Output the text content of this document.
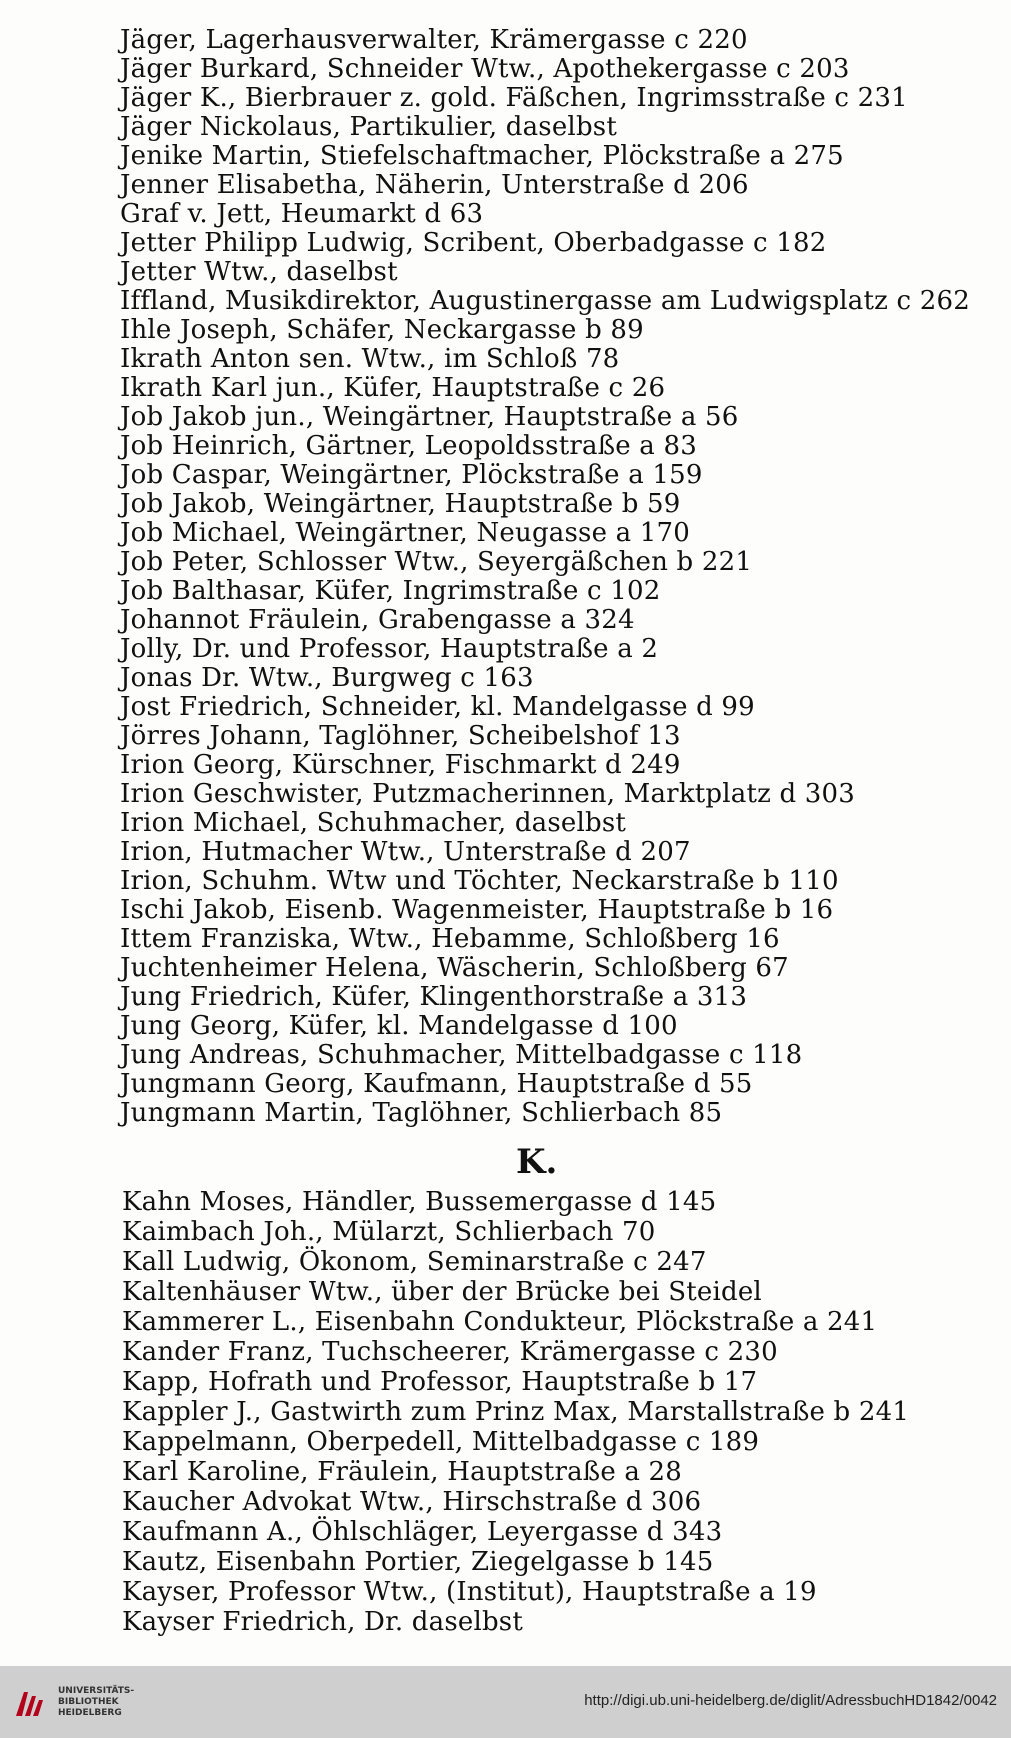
Jäger, Lagerhausverwalter, Krämergasse c 220
Jäger Burkard, Schneider Wtw., Apothekergasse c 203
Jäger K., Bierbrauer z. gold. Fäßchen, Ingrimsstraße c 231
Jäger Nickolaus, Partikulier, daselbst
Jenike Martin, Stiefelschaftmacher, Plöckstraße a 275
Jenner Elisabetha, Näherin, Unterstraße d 206
Graf v. Jett, Heumarkt d 63
Jetter Philipp Ludwig, Scribent, Oberbadgasse c 182
Jetter Wtw., daselbst
Iffland, Musikdirektor, Augustinergasse am Ludwigsplatz c 262
Ihle Joseph, Schäfer, Neckargasse b 89
Ikrath Anton sen. Wtw., im Schloß 78
Ikrath Karl jun., Küfer, Hauptstraße c 26
Job Jakob jun., Weingärtner, Hauptstraße a 56
Job Heinrich, Gärtner, Leopoldsstraße a 83
Job Caspar, Weingärtner, Plöckstraße a 159
Job Jakob, Weingärtner, Hauptstraße b 59
Job Michael, Weingärtner, Neugasse a 170
Job Peter, Schlosser Wtw., Seyergäßchen b 221
Job Balthasar, Küfer, Ingrimstraße c 102
Johannot Fräulein, Grabengasse a 324
Jolly, Dr. und Professor, Hauptstraße a 2
Jonas Dr. Wtw., Burgweg c 163
Jost Friedrich, Schneider, kl. Mandelgasse d 99
Jörres Johann, Taglöhner, Scheibelshof 13
Irion Georg, Kürschner, Fischmarkt d 249
Irion Geschwister, Putzmacherinnen, Marktplatz d 303
Irion Michael, Schuhmacher, daselbst
Irion, Hutmacher Wtw., Unterstraße d 207
Irion, Schuhm. Wtw und Töchter, Neckarstraße b 110
Ischi Jakob, Eisenb. Wagenmeister, Hauptstraße b 16
Ittem Franziska, Wtw., Hebamme, Schloßberg 16
Juchtenheimer Helena, Wäscherin, Schloßberg 67
Jung Friedrich, Küfer, Klingenthorstraße a 313
Jung Georg, Küfer, kl. Mandelgasse d 100
Jung Andreas, Schuhmacher, Mittelbadgasse c 118
Jungmann Georg, Kaufmann, Hauptstraße d 55
Jungmann Martin, Taglöhner, Schlierbach 85
K.
Kahn Moses, Händler, Bussemergasse d 145
Kaimbach Joh., Mülarzt, Schlierbach 70
Kall Ludwig, Ökonom, Seminarstraße c 247
Kaltenhäuser Wtw., über der Brücke bei Steidel
Kammerer L., Eisenbahn Condukteur, Plöckstraße a 241
Kander Franz, Tuchscheerer, Krämergasse c 230
Kapp, Hofrath und Professor, Hauptstraße b 17
Kappler J., Gastwirth zum Prinz Max, Marstallstraße b 241
Kappelmann, Oberpedell, Mittelbadgasse c 189
Karl Karoline, Fräulein, Hauptstraße a 28
Kaucher Advokat Wtw., Hirschstraße d 306
Kaufmann A., Öhlschläger, Leyergasse d 343
Kautz, Eisenbahn Portier, Ziegelgasse b 145
Kayser, Professor Wtw., (Institut), Hauptstraße a 19
Kayser Friedrich, Dr. daselbst
UNIVERSITÄTS-
BIBLIOTHEK
HEIDELBERG
http://digi.ub.uni-heidelberg.de/diglit/AdressbuchHD1842/0042
